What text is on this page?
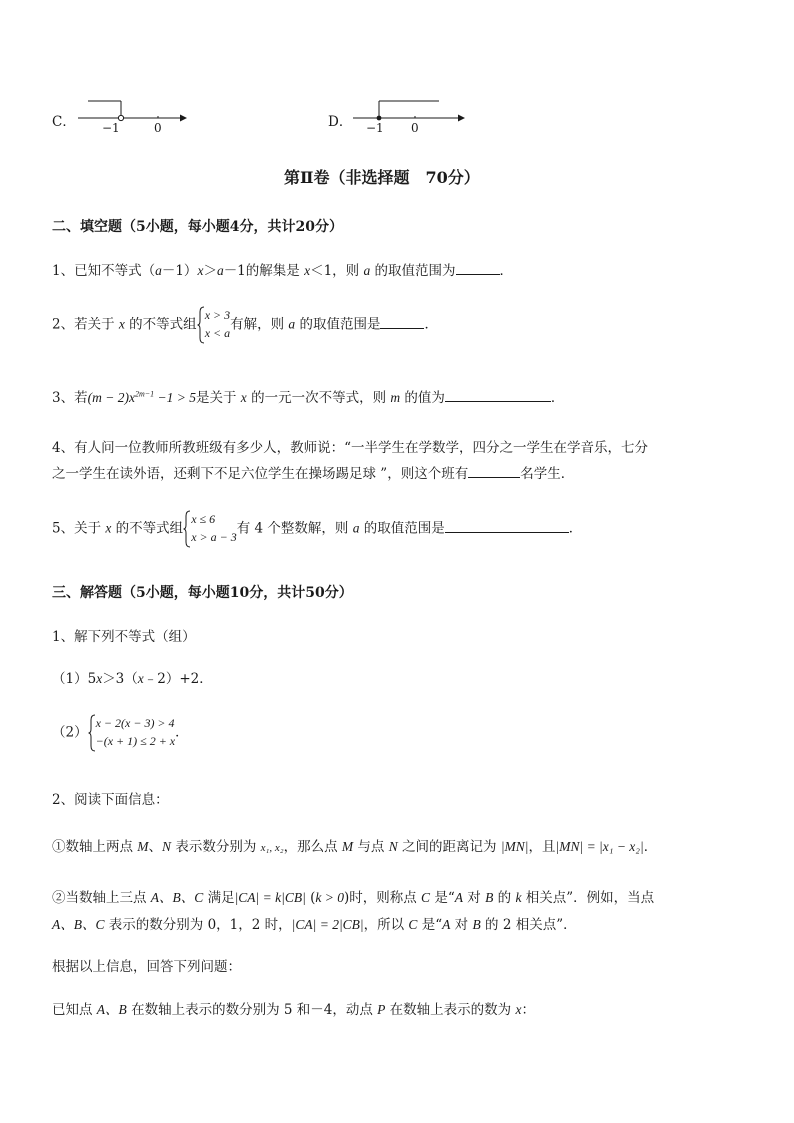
C． −1	0	D． −1 0
第Ⅱ卷（非选择题　70分）
二、填空题（5小题，每小题4分，共计20分）
1、已知不等式（a－1）x＞a－1的解集是 x＜1，则 a 的取值范围为	．
2、若关于 x 的不等式组
x > 3
x < a
有解，则 a 的取值范围是	．
3、若$(m - 2)x^{2m-1} -1 > 5$是关于 x 的一元一次不等式，则 m 的值为	．
4、有人问一位教师所教班级有多少人，教师说：“一半学生在学数学，四分之一学生在学音乐，七分
之一学生在读外语，还剩下不足六位学生在操场踢足球 ”，则这个班有	名学生．
5、关于 x 的不等式组
x ≤ 6
x > a − 3
有 4 个整数解，则 a 的取值范围是	．
三、解答题（5小题，每小题10分，共计50分）
1、解下列不等式（组）
（1）5x＞3（x﹣2）+2．
（2）
x − 2(x − 3) > 4
−(x + 1) ≤ 2 + x
．
2、阅读下面信息：
①数轴上两点 M、N 表示数分别为 x₁, x₂，那么点 M 与点 N 之间的距离记为 |MN|，且|MN| = |x₁ − x₂|．
②当数轴上三点 A、B、C 满足|CA| = k|CB| (k > 0)时，则称点 C 是“A 对 B 的 k 相关点”．例如，当点
A、B、C 表示的数分别为 0，1，2 时，|CA| = 2|CB|，所以 C 是“A 对 B 的 2 相关点”．
根据以上信息，回答下列问题：
已知点 A、B 在数轴上表示的数分别为 5 和－4，动点 P 在数轴上表示的数为 x：
